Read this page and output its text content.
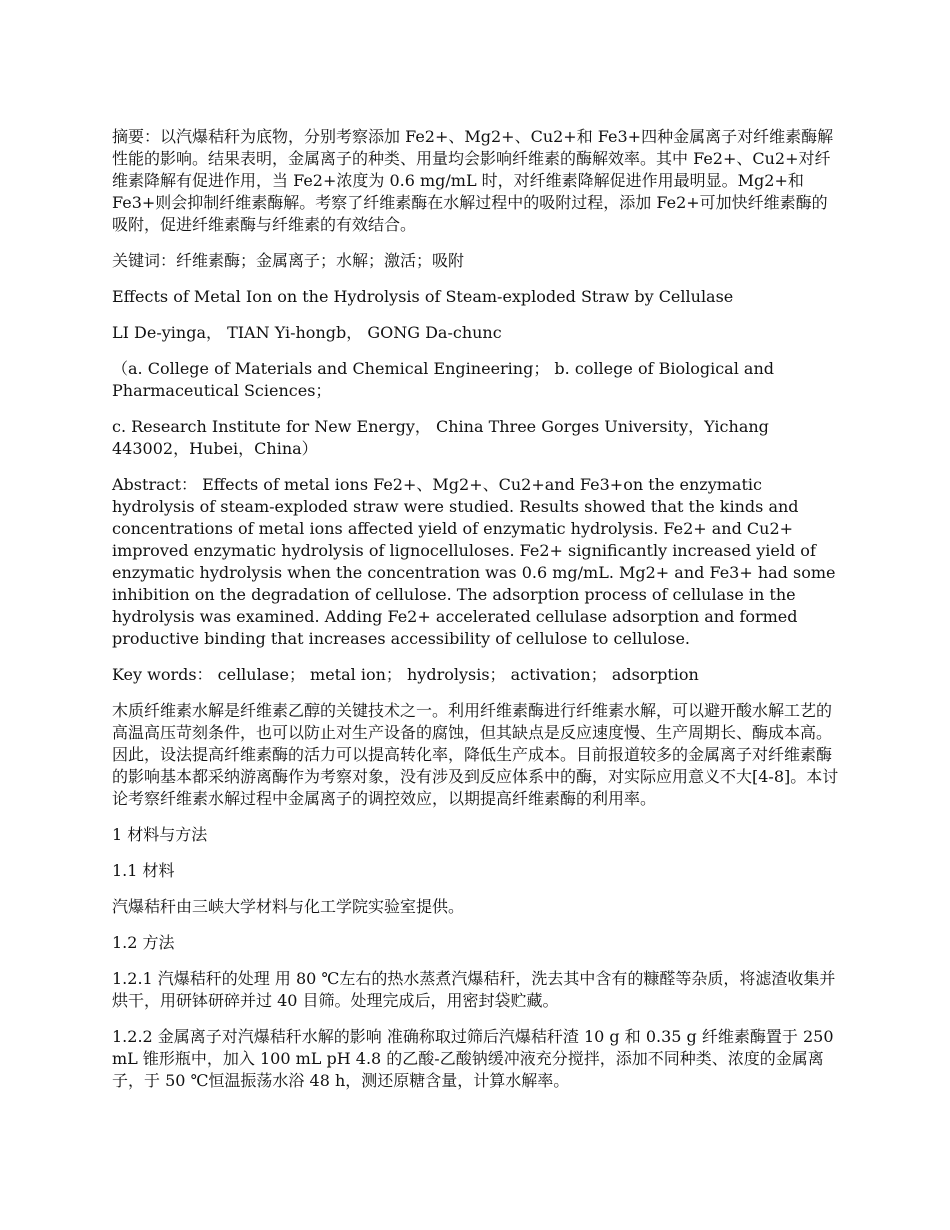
摘要：以汽爆秸秆为底物，分别考察添加 Fe2+、Mg2+、Cu2+和 Fe3+四种金属离子对纤维素酶解性能的影响。结果表明，金属离子的种类、用量均会影响纤维素的酶解效率。其中 Fe2+、Cu2+对纤维素降解有促进作用，当 Fe2+浓度为 0.6 mg/mL 时，对纤维素降解促进作用最明显。Mg2+和 Fe3+则会抑制纤维素酶解。考察了纤维素酶在水解过程中的吸附过程，添加 Fe2+可加快纤维素酶的吸附，促进纤维素酶与纤维素的有效结合。

关键词：纤维素酶；金属离子；水解；激活；吸附

Effects of Metal Ion on the Hydrolysis of Steam-exploded Straw by Cellulase

LI De-yinga， TIAN Yi-hongb， GONG Da-chunc

（a. College of Materials and Chemical Engineering； b. college of Biological and Pharmaceutical Sciences；

c. Research Institute for New Energy， China Three Gorges University，Yichang 443002，Hubei，China）

Abstract： Effects of metal ions Fe2+、Mg2+、Cu2+and Fe3+on the enzymatic hydrolysis of steam-exploded straw were studied. Results showed that the kinds and concentrations of metal ions affected yield of enzymatic hydrolysis. Fe2+ and Cu2+ improved enzymatic hydrolysis of lignocelluloses. Fe2+ significantly increased yield of enzymatic hydrolysis when the concentration was 0.6 mg/mL. Mg2+ and Fe3+ had some inhibition on the degradation of cellulose. The adsorption process of cellulase in the hydrolysis was examined. Adding Fe2+ accelerated cellulase adsorption and formed productive binding that increases accessibility of cellulose to cellulose.

Key words： cellulase； metal ion； hydrolysis； activation； adsorption

木质纤维素水解是纤维素乙醇的关键技术之一。利用纤维素酶进行纤维素水解，可以避开酸水解工艺的高温高压苛刻条件，也可以防止对生产设备的腐蚀，但其缺点是反应速度慢、生产周期长、酶成本高。因此，设法提高纤维素酶的活力可以提高转化率，降低生产成本。目前报道较多的金属离子对纤维素酶的影响基本都采纳游离酶作为考察对象，没有涉及到反应体系中的酶，对实际应用意义不大[4-8]。本讨论考察纤维素水解过程中金属离子的调控效应，以期提高纤维素酶的利用率。

1 材料与方法

1.1 材料

汽爆秸秆由三峡大学材料与化工学院实验室提供。

1.2 方法

1.2.1 汽爆秸秆的处理 用 80 ℃左右的热水蒸煮汽爆秸秆，洗去其中含有的糠醛等杂质，将滤渣收集并烘干，用研钵研碎并过 40 目筛。处理完成后，用密封袋贮藏。

1.2.2 金属离子对汽爆秸秆水解的影响 准确称取过筛后汽爆秸秆渣 10 g 和 0.35 g 纤维素酶置于 250 mL 锥形瓶中，加入 100 mL pH 4.8 的乙酸-乙酸钠缓冲液充分搅拌，添加不同种类、浓度的金属离子，于 50 ℃恒温振荡水浴 48 h，测还原糖含量，计算水解率。
